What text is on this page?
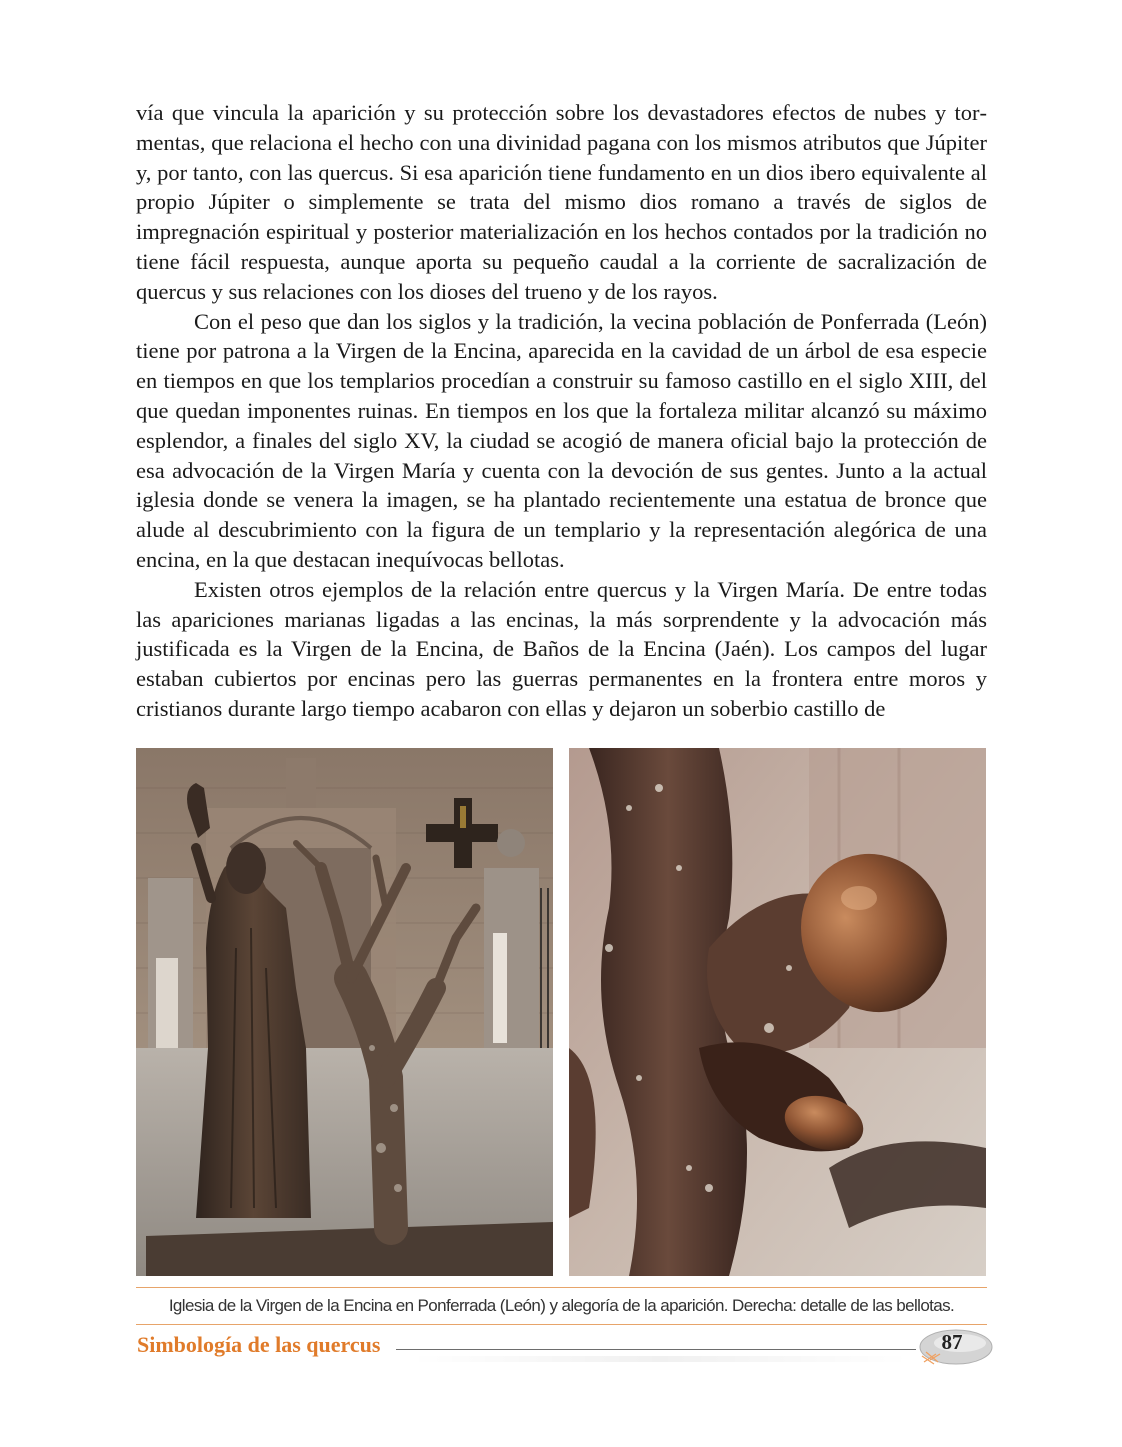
vía que vincula la aparición y su protección sobre los devastadores efectos de nubes y tormentas, que relaciona el hecho con una divinidad pagana con los mismos atributos que Júpiter y, por tanto, con las quercus. Si esa aparición tiene fundamento en un dios ibero equivalente al propio Júpiter o simplemente se trata del mismo dios romano a través de siglos de impregnación espiritual y posterior materialización en los hechos contados por la tradición no tiene fácil respuesta, aunque aporta su pequeño caudal a la corriente de sacralización de quercus y sus relaciones con los dioses del trueno y de los rayos.

Con el peso que dan los siglos y la tradición, la vecina población de Ponferrada (León) tiene por patrona a la Virgen de la Encina, aparecida en la cavidad de un árbol de esa especie en tiempos en que los templarios procedían a construir su famoso castillo en el siglo XIII, del que quedan imponentes ruinas. En tiempos en los que la fortaleza militar alcanzó su máximo esplendor, a finales del siglo XV, la ciudad se acogió de manera oficial bajo la protección de esa advocación de la Virgen María y cuenta con la devoción de sus gentes. Junto a la actual iglesia donde se venera la imagen, se ha plantado recientemente una estatua de bronce que alude al descubrimiento con la figura de un templario y la representación alegórica de una encina, en la que destacan inequívocas bellotas.

Existen otros ejemplos de la relación entre quercus y la Virgen María. De entre todas las apariciones marianas ligadas a las encinas, la más sorprendente y la advocación más justificada es la Virgen de la Encina, de Baños de la Encina (Jaén). Los campos del lugar estaban cubiertos por encinas pero las guerras permanentes en la frontera entre moros y cristianos durante largo tiempo acabaron con ellas y dejaron un soberbio castillo de

Iglesia de la Virgen de la Encina en Ponferrada (León) y alegoría de la aparición. Derecha: detalle de las bellotas.
Simbología de las quercus	87
